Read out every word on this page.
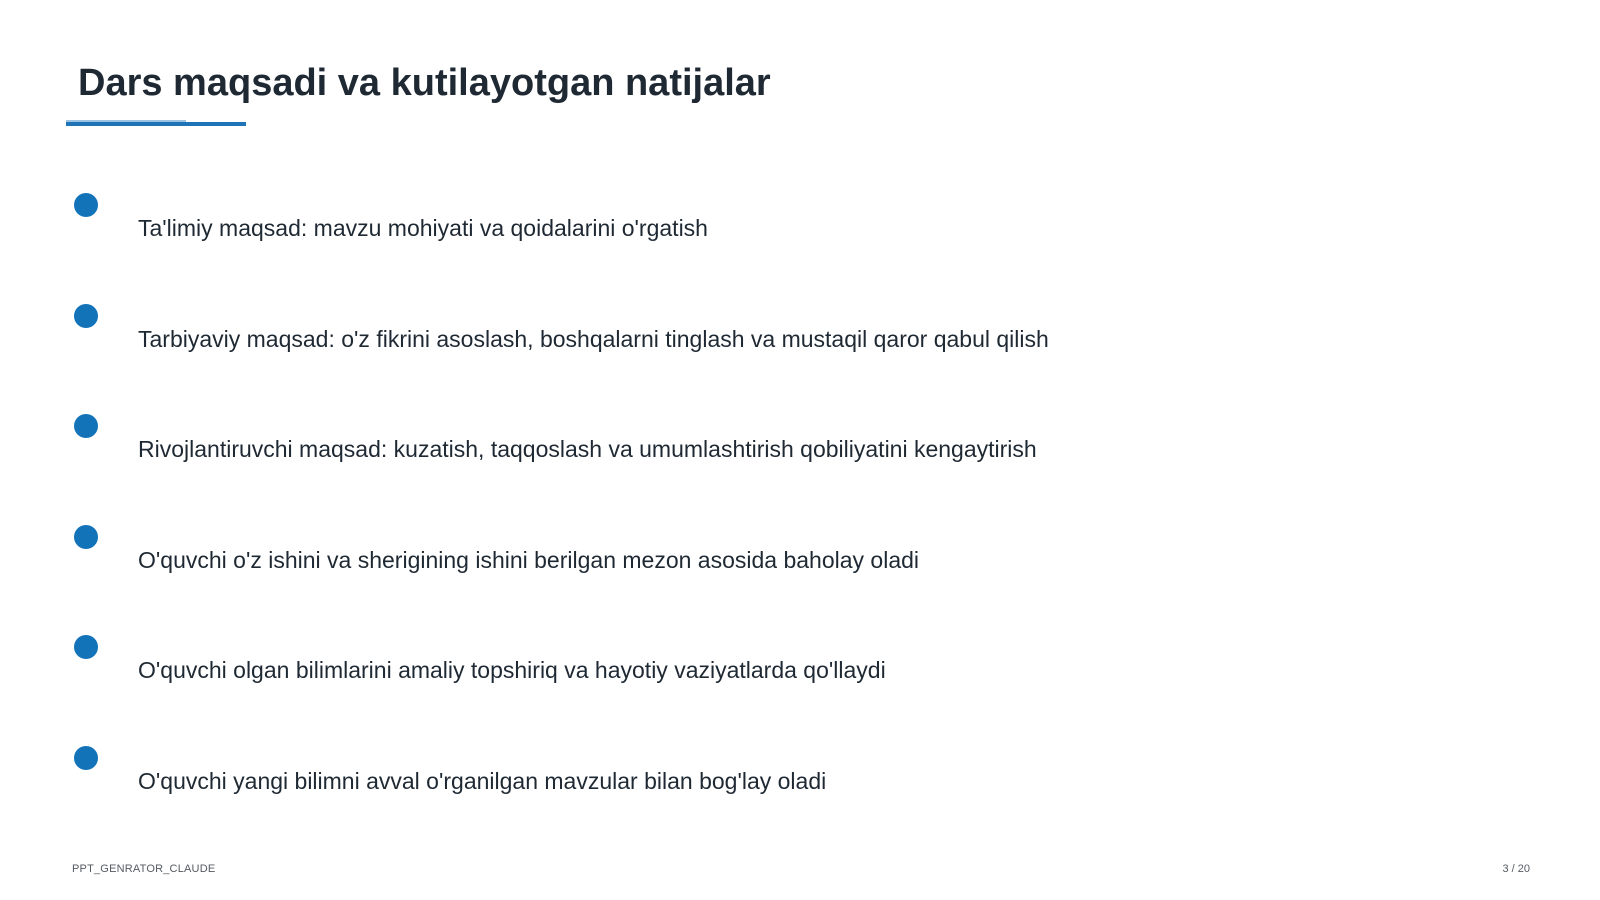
Dars maqsadi va kutilayotgan natijalar
Ta'limiy maqsad: mavzu mohiyati va qoidalarini o'rgatish
Tarbiyaviy maqsad: o'z fikrini asoslash, boshqalarni tinglash va mustaqil qaror qabul qilish
Rivojlantiruvchi maqsad: kuzatish, taqqoslash va umumlashtirish qobiliyatini kengaytirish
O'quvchi o'z ishini va sherigining ishini berilgan mezon asosida baholay oladi
O'quvchi olgan bilimlarini amaliy topshiriq va hayotiy vaziyatlarda qo'llaydi
O'quvchi yangi bilimni avval o'rganilgan mavzular bilan bog'lay oladi
PPT_GENRATOR_CLAUDE	3 / 20
